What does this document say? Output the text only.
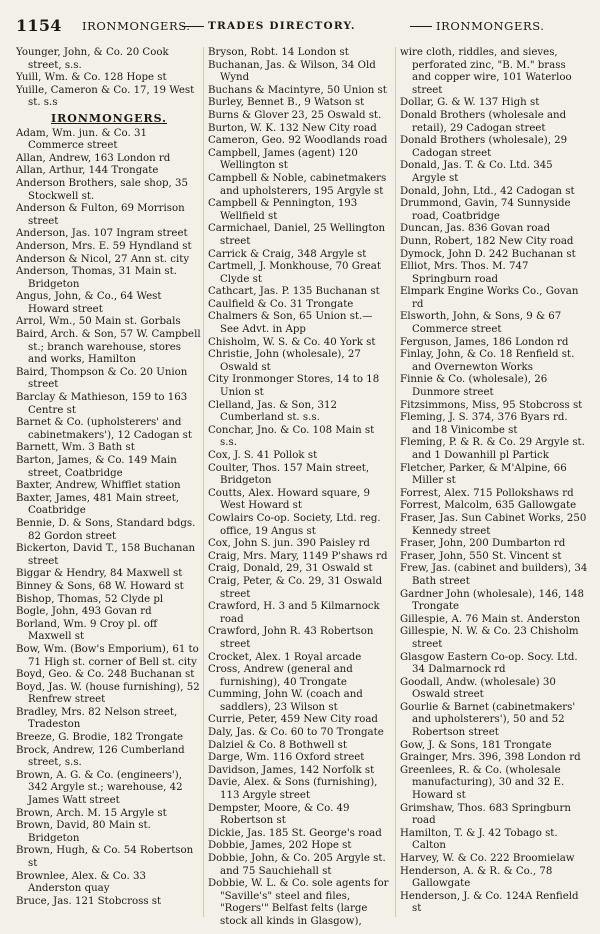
1154 IRONMONGERS. TRADES DIRECTORY.	IRONMONGERS.
Younger, John, & Co. 20 Cook street, s.s.
Yuill, Wm. & Co. 128 Hope st
Yuille, Cameron & Co. 17, 19 West st. s.s
IRONMONGERS.
Adam, Wm. jun. & Co. 31 Commerce street
Allan, Andrew, 163 London rd
Allan, Arthur, 144 Trongate
Anderson Brothers, sale shop, 35 Stockwell st.
Anderson & Fulton, 69 Morrison street
Anderson, Jas. 107 Ingram street
Anderson, Mrs. E. 59 Hyndland st
Anderson & Nicol, 27 Ann st. city
Anderson, Thomas, 31 Main st. Bridgeton
Angus, John, & Co., 64 West Howard street
Arrol, Wm., 50 Main st. Gorbals
Baird, Arch. & Son, 57 W. Campbell st.; branch warehouse, stores and works, Hamilton
Baird, Thompson & Co. 20 Union street
Barclay & Mathieson, 159 to 163 Centre st
Barnet & Co. (upholsterers' and cabinetmakers'), 12 Cadogan st
Barnett, Wm. 3 Bath st
Barton, James, & Co. 149 Main street, Coatbridge
Baxter, Andrew, Whifflet station
Baxter, James, 481 Main street, Coatbridge
Bennie, D. & Sons, Standard bdgs. 82 Gordon street
Bickerton, David T., 158 Buchanan street
Biggar & Hendry, 84 Maxwell st
Binney & Sons, 68 W. Howard st
Bishop, Thomas, 52 Clyde pl
Bogle, John, 493 Govan rd
Borland, Wm. 9 Croy pl. off Maxwell st
Bow, Wm. (Bow's Emporium), 61 to 71 High st. corner of Bell st. city
Boyd, Geo. & Co. 248 Buchanan st
Boyd, Jas. W. (house furnishing), 52 Renfrew street
Bradley, Mrs. 82 Nelson street, Tradeston
Breeze, G. Brodie, 182 Trongate
Brock, Andrew, 126 Cumberland street, s.s.
Brown, A. G. & Co. (engineers'), 342 Argyle st.; warehouse, 42 James Watt street
Brown, Arch. M. 15 Argyle st
Brown, David, 80 Main st. Bridgeton
Brown, Hugh, & Co. 54 Robertson st
Brownlee, Alex. & Co. 33 Anderston quay
Bruce, Jas. 121 Stobcross st
Bryson, Robt. 14 London st
Buchanan, Jas. & Wilson, 34 Old Wynd
Buchans & Macintyre, 50 Union st
Burley, Bennet B., 9 Watson st
Burns & Glover 23, 25 Oswald st.
Burton, W. K. 132 New City road
Cameron, Geo. 92 Woodlands road
Campbell, James (agent) 120 Wellington st
Campbell & Noble, cabinetmakers and upholsterers, 195 Argyle st
Campbell & Pennington, 193 Wellfield st
Carmichael, Daniel, 25 Wellington street
Carrick & Craig, 348 Argyle st
Cartmell, J. Monkhouse, 70 Great Clyde st
Cathcart, Jas. P. 135 Buchanan st
Caulfield & Co. 31 Trongate
Chalmers & Son, 65 Union st.— See Advt. in App
Chisholm, W. S. & Co. 40 York st
Christie, John (wholesale), 27 Oswald st
City Ironmonger Stores, 14 to 18 Union st
Clelland, Jas. & Son, 312 Cumberland st. s.s.
Conchar, Jno. & Co. 108 Main st s.s.
Cox, J. S. 41 Pollok st
Coulter, Thos. 157 Main street, Bridgeton
Coutts, Alex. Howard square, 9 West Howard st
Cowlairs Co-op. Society, Ltd. reg. office, 19 Angus st
Cox, John S. jun. 390 Paisley rd
Craig, Mrs. Mary, 1149 P'shaws rd
Craig, Donald, 29, 31 Oswald st
Craig, Peter, & Co. 29, 31 Oswald street
Crawford, H. 3 and 5 Kilmarnock road
Crawford, John R. 43 Robertson street
Crocket, Alex. 1 Royal arcade
Cross, Andrew (general and furnishing), 40 Trongate
Cumming, John W. (coach and saddlers), 23 Wilson st
Currie, Peter, 459 New City road
Daly, Jas. & Co. 60 to 70 Trongate
Dalziel & Co. 8 Bothwell st
Darge, Wm. 116 Oxford street
Davidson, James, 142 Norfolk st
Davie, Alex. & Sons (furnishing), 113 Argyle street
Dempster, Moore, & Co. 49 Robertson st
Dickie, Jas. 185 St. George's road
Dobbie, James, 202 Hope st
Dobbie, John, & Co. 205 Argyle st. and 75 Sauchiehall st
Dobbie, W. L. & Co. sole agents for "Saville's" steel and files, "Rogers'" Belfast felts (large stock all kinds in Glasgow),
wire cloth, riddles, and sieves, perforated zinc, "B. M." brass and copper wire, 101 Waterloo street
Dollar, G. & W. 137 High st
Donald Brothers (wholesale and retail), 29 Cadogan street
Donald Brothers (wholesale), 29 Cadogan street
Donald, Jas. T. & Co. Ltd. 345 Argyle st
Donald, John, Ltd., 42 Cadogan st
Drummond, Gavin, 74 Sunnyside road, Coatbridge
Duncan, Jas. 836 Govan road
Dunn, Robert, 182 New City road
Dymock, John D. 242 Buchanan st
Elliot, Mrs. Thos. M. 747 Springburn road
Elmpark Engine Works Co., Govan rd
Elsworth, John, & Sons, 9 & 67 Commerce street
Ferguson, James, 186 London rd
Finlay, John, & Co. 18 Renfield st. and Overnewton Works
Finnie & Co. (wholesale), 26 Dunmore street
Fitzsimmons, Miss, 95 Stobcross st
Fleming, J. S. 374, 376 Byars rd. and 18 Vinicombe st
Fleming, P. & R. & Co. 29 Argyle st. and 1 Dowanhill pl Partick
Fletcher, Parker, & M'Alpine, 66 Miller st
Forrest, Alex. 715 Pollokshaws rd
Forrest, Malcolm, 635 Gallowgate
Fraser, Jas. Sun Cabinet Works, 250 Kennedy street
Fraser, John, 200 Dumbarton rd
Fraser, John, 550 St. Vincent st
Frew, Jas. (cabinet and builders), 34 Bath street
Gardner John (wholesale), 146, 148 Trongate
Gillespie, A. 76 Main st. Anderston
Gillespie, N. W. & Co. 23 Chisholm street
Glasgow Eastern Co-op. Socy. Ltd. 34 Dalmarnock rd
Goodall, Andw. (wholesale) 30 Oswald street
Gourlie & Barnet (cabinetmakers' and upholsterers'), 50 and 52 Robertson street
Gow, J. & Sons, 181 Trongate
Grainger, Mrs. 396, 398 London rd
Greenlees, R. & Co. (wholesale manufacturing), 30 and 32 E. Howard st
Grimshaw, Thos. 683 Springburn road
Hamilton, T. & J. 42 Tobago st. Calton
Harvey, W. & Co. 222 Broomielaw
Henderson, A. & R. & Co., 78 Gallowgate
Henderson, J. & Co. 124A Renfield st
